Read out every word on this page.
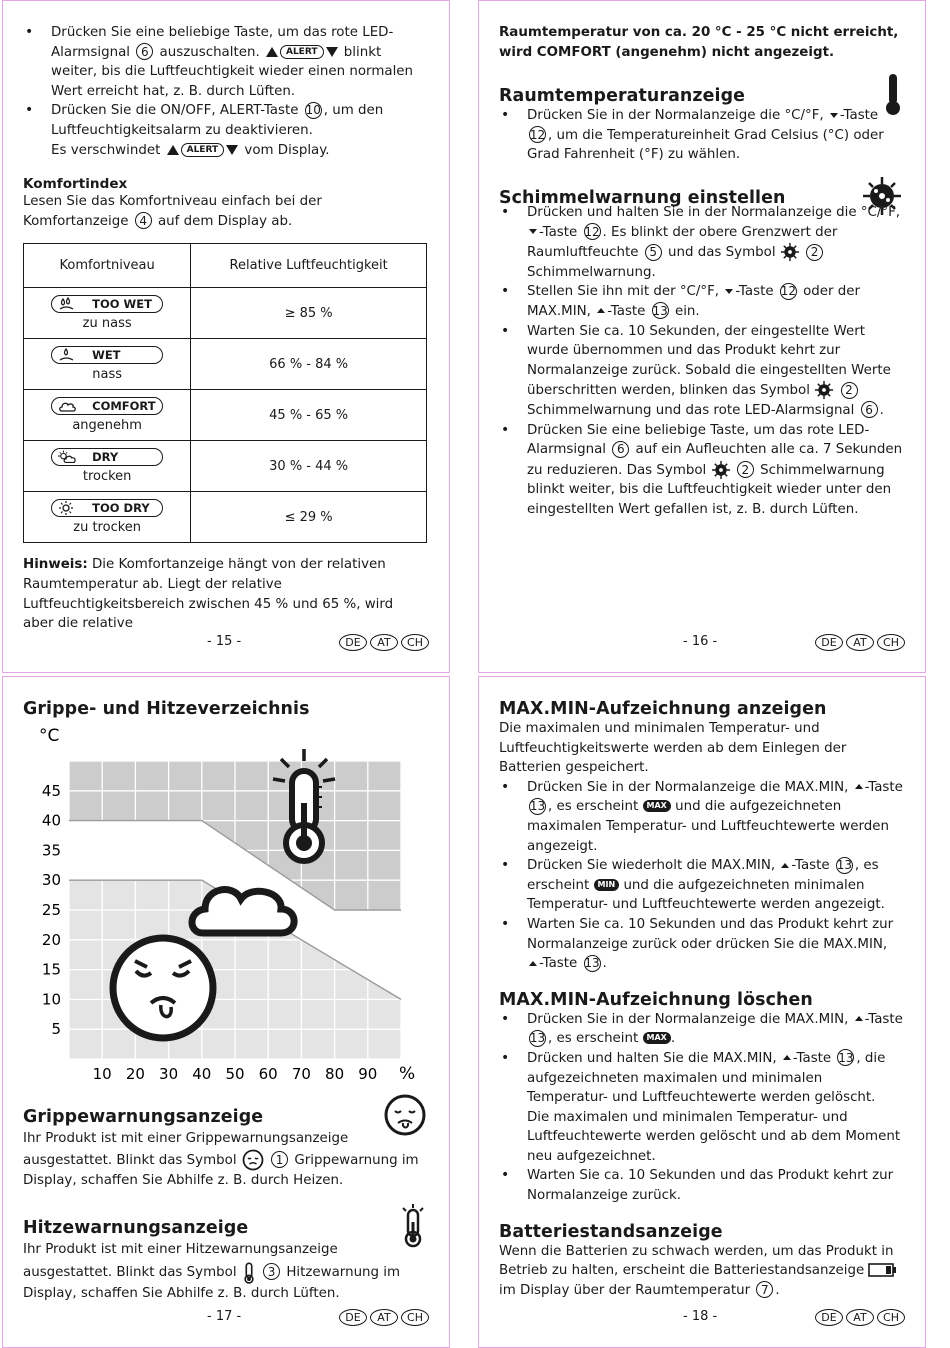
• Drücken Sie eine beliebige Taste, um das rote LED-Alarmsignal 6 auszuschalten.	ALERT blinkt weiter, bis die Luftfeuchtigkeit wieder einen normalen Wert erreicht hat, z. B. durch Lüften.
• Drücken Sie die ON/OFF, ALERT-Taste 10 , um den Luftfeuchtigkeitsalarm zu deaktivieren.
Es verschwindet	ALERT vom Display.
Komfortindex

Lesen Sie das Komfortniveau einfach bei der Komfortanzeige 4 auf dem Display ab.

Komfortniveau	Relative Luftfeuchtigkeit

TOO WET
zu nass	≥ 85 %

WET
nass	66 % - 84 %

COMFORT
angenehm	45 % - 65 %

DRY
trocken	30 % - 44 %

TOO DRY
zu trocken	≤ 29 %

Hinweis: Die Komfortanzeige hängt von der relativen Raumtemperatur ab. Liegt der relative Luftfeuchtigkeitsbereich zwischen 45 % und 65 %, wird aber die relative

- 15 -	DE	AT	CH

Raumtemperatur von ca. 20 °C - 25 °C nicht erreicht, wird COMFORT (angenehm) nicht angezeigt.

Raumtemperaturanzeige
• Drücken Sie in der Normalanzeige die °C/°F, -Taste 12 , um die Temperatureinheit Grad Celsius (°C) oder Grad Fahrenheit (°F) zu wählen.
Schimmelwarnung einstellen
• Drücken und halten Sie in der Normalanzeige die °C/°F, -Taste 12 . Es blinkt der obere Grenzwert der Raumluftfeuchte 5 und das Symbol	2 Schimmelwarnung.
• Stellen Sie ihn mit der °C/°F, -Taste 12 oder der MAX.MIN, -Taste 13 ein.
• Warten Sie ca. 10 Sekunden, der eingestellte Wert wurde übernommen und das Produkt kehrt zur Normalanzeige zurück. Sobald die eingestellten Werte überschritten werden, blinken das Symbol	2 Schimmelwarnung und das rote LED-Alarmsignal 6 .
• Drücken Sie eine beliebige Taste, um das rote LED-Alarmsignal 6 auf ein Aufleuchten alle ca. 7 Sekunden zu reduzieren. Das Symbol	2 Schimmelwarnung blinkt weiter, bis die Luftfeuchtigkeit wieder unter den eingestellten Wert gefallen ist, z. B. durch Lüften.
- 16 -	DE	AT	CH
Grippe- und Hitzeverzeichnis
°C
%
10 20 30 40 50 60 70 80 90
45
40
35
30
25
20
15
10
5
Grippewarnungsanzeige

Ihr Produkt ist mit einer Grippewarnungsanzeige ausgestattet. Blinkt das Symbol	1 Grippewarnung im Display, schaffen Sie Abhilfe z. B. durch Heizen.

Hitzewarnungsanzeige

Ihr Produkt ist mit einer Hitzewarnungsanzeige ausgestattet. Blinkt das Symbol	3 Hitzewarnung im Display, schaffen Sie Abhilfe z. B. durch Lüften.

- 17 -	DE	AT	CH
MAX.MIN-Aufzeichnung anzeigen

Die maximalen und minimalen Temperatur- und Luftfeuchtigkeitswerte werden ab dem Einlegen der Batterien gespeichert.

• Drücken Sie in der Normalanzeige die MAX.MIN, -Taste 13 , es erscheint MAX und die aufgezeichneten maximalen Temperatur- und Luftfeuchtewerte werden angezeigt.
• Drücken Sie wiederholt die MAX.MIN, -Taste 13 , es erscheint MIN und die aufgezeichneten minimalen Temperatur- und Luftfeuchtewerte werden angezeigt.
• Warten Sie ca. 10 Sekunden und das Produkt kehrt zur Normalanzeige zurück oder drücken Sie die MAX.MIN, -Taste 13 .
MAX.MIN-Aufzeichnung löschen
• Drücken Sie in der Normalanzeige die MAX.MIN, -Taste 13 , es erscheint MAX .
• Drücken und halten Sie die MAX.MIN, -Taste 13 , die aufgezeichneten maximalen und minimalen Temperatur- und Luftfeuchtewerte werden gelöscht.
Die maximalen und minimalen Temperatur- und Luftfeuchtewerte werden gelöscht und ab dem Moment neu aufgezeichnet.
• Warten Sie ca. 10 Sekunden und das Produkt kehrt zur Normalanzeige zurück.
Batteriestandsanzeige

Wenn die Batterien zu schwach werden, um das Produkt in Betrieb zu halten, erscheint die Batteriestandsanzeige  im Display über der Raumtemperatur 7 .

- 18 -	DE	AT	CH
